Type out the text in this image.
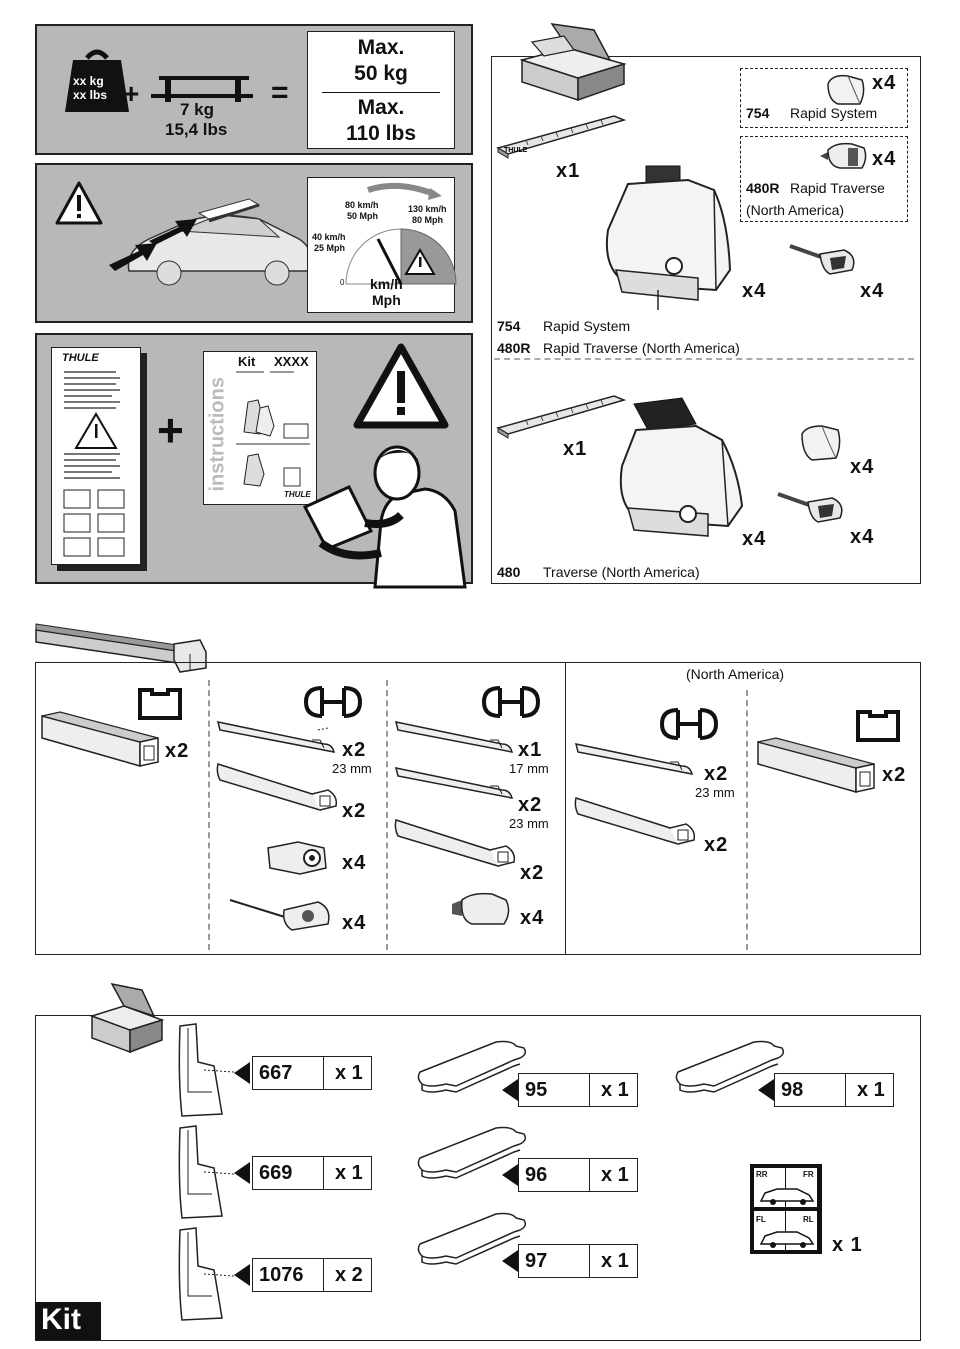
xx kg
xx lbs +
7 kg
15,4 lbs
=
Max.
50 kg
Max.
110 lbs
80 km/h
50 Mph
130 km/h
80 Mph
40 km/h
25 Mph
0 km/h
Mph
THULE
+ instructions
Kit XXXX
THULE
THULE
x1
x4
754 Rapid System
x4
480R Rapid Traverse
(North America)
x4	x4
754 Rapid System
480R Rapid Traverse (North America)
x1
x4
x4
x4
480 Traverse (North America)
(North America)
x2	x2
23 mm
x2
x4
x4
x1
17 mm
x2
23 mm
x2
x4
x2
23 mm
x2
x2
Kit
667 x 1
669 x 1
1076 x 2
95	x 1
96	x 1
97	x 1
98	x 1
RR	FR
FL	RL
x 1
